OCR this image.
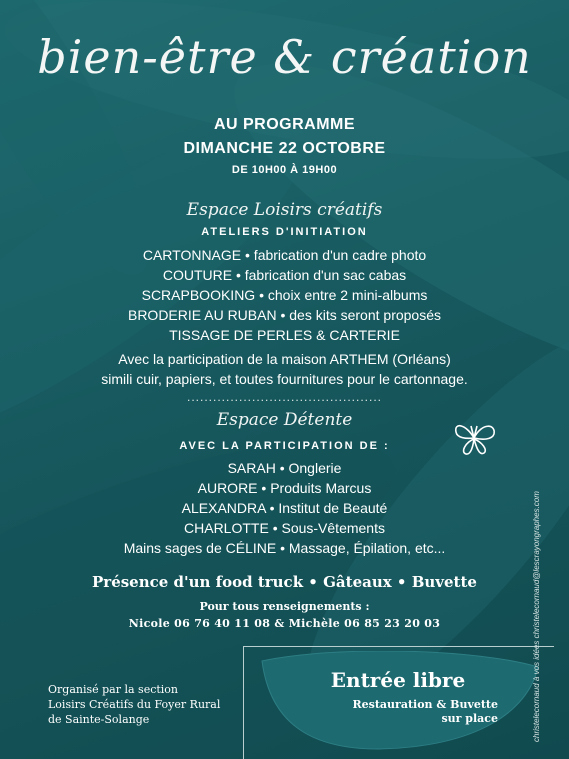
bien-être & création
AU PROGRAMME
DIMANCHE 22 OCTOBRE
DE 10H00 À 19H00
Espace Loisirs créatifs
ATELIERS D'INITIATION
CARTONNAGE • fabrication d'un cadre photo
COUTURE • fabrication d'un sac cabas
SCRAPBOOKING • choix entre 2 mini-albums
BRODERIE AU RUBAN • des kits seront proposés
TISSAGE DE PERLES & CARTERIE
Avec la participation de la maison ARTHEM (Orléans)
simili cuir, papiers, et toutes fournitures pour le cartonnage.
.............................................
Espace Détente
AVEC LA PARTICIPATION DE :
SARAH • Onglerie
AURORE • Produits Marcus
ALEXANDRA • Institut de Beauté
CHARLOTTE • Sous-Vêtements
Mains sages de CÉLINE • Massage, Épilation, etc...
Présence d'un food truck • Gâteaux • Buvette
Pour tous renseignements :
Nicole 06 76 40 11 08 & Michèle 06 85 23 20 03
Organisé par la section
Loisirs Créatifs du Foyer Rural
de Sainte-Solange
Entrée libre
Restauration & Buvette
sur place	christelecornaud à vos idées christelecornaud@lescrayongraphes.com
